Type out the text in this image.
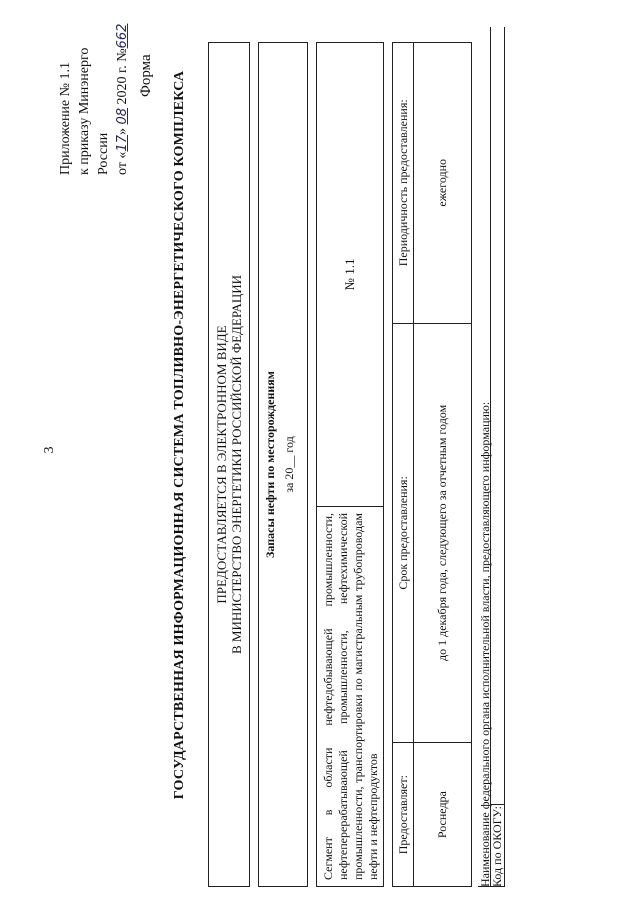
3
Приложение № 1.1 к приказу Минэнерго России от «17» 08 2020 г. №662
Форма ГОСУДАРСТВЕННАЯ ИНФОРМАЦИОННАЯ СИСТЕМА ТОПЛИВНО-ЭНЕРГЕТИЧЕСКОГО КОМПЛЕКСА ПРЕДОСТАВЛЯЕТСЯ В ЭЛЕКТРОННОМ ВИДЕ В МИНИСТЕРСТВО ЭНЕРГЕТИКИ РОССИЙСКОЙ ФЕДЕРАЦИИ Запасы нефти по месторождениям за 20__ год
Сегмент в области нефтедобывающей промышленности, нефтеперерабатывающей промышленности, нефтехимической промышленности, транспортировки по магистральным трубопроводам нефти и нефтепродуктов
№ 1.1
Предоставляет:	Срок предоставления:	Периодичность предоставления:
Роснедра	до 1 декабря года, следующего за отчетным годом	ежегодно
Наименование федерального органа исполнительной власти, предоставляющего информацию:
Код по ОКОГУ:
